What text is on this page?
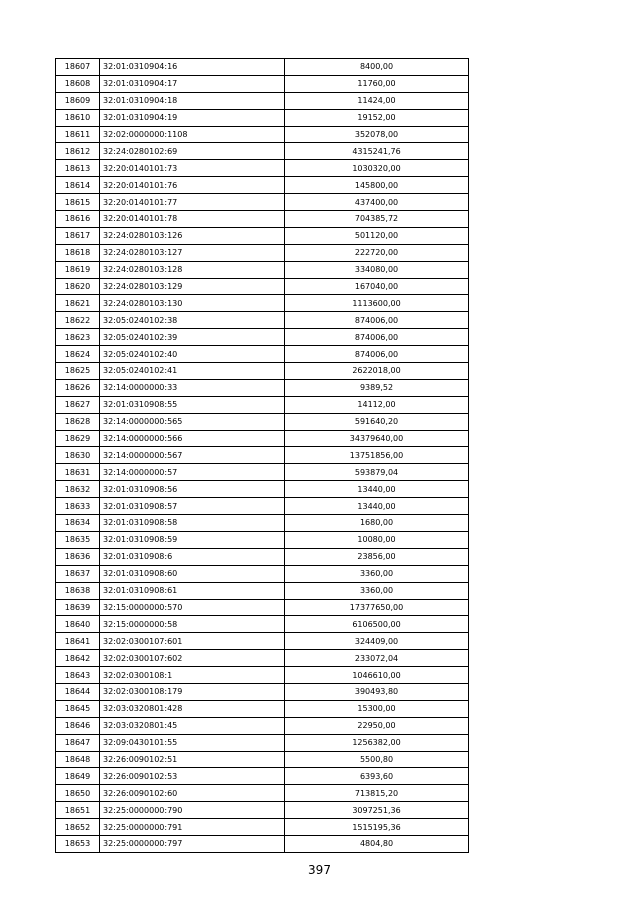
18607	32:01:0310904:16	8400,00
18608	32:01:0310904:17	11760,00
18609	32:01:0310904:18	11424,00
18610	32:01:0310904:19	19152,00
18611	32:02:0000000:1108	352078,00
18612	32:24:0280102:69	4315241,76
18613	32:20:0140101:73	1030320,00
18614	32:20:0140101:76	145800,00
18615	32:20:0140101:77	437400,00
18616	32:20:0140101:78	704385,72
18617	32:24:0280103:126	501120,00
18618	32:24:0280103:127	222720,00
18619	32:24:0280103:128	334080,00
18620	32:24:0280103:129	167040,00
18621	32:24:0280103:130	1113600,00
18622	32:05:0240102:38	874006,00
18623	32:05:0240102:39	874006,00
18624	32:05:0240102:40	874006,00
18625	32:05:0240102:41	2622018,00
18626	32:14:0000000:33	9389,52
18627	32:01:0310908:55	14112,00
18628	32:14:0000000:565	591640,20
18629	32:14:0000000:566	34379640,00
18630	32:14:0000000:567	13751856,00
18631	32:14:0000000:57	593879,04
18632	32:01:0310908:56	13440,00
18633	32:01:0310908:57	13440,00
18634	32:01:0310908:58	1680,00
18635	32:01:0310908:59	10080,00
18636	32:01:0310908:6	23856,00
18637	32:01:0310908:60	3360,00
18638	32:01:0310908:61	3360,00
18639	32:15:0000000:570	17377650,00
18640	32:15:0000000:58	6106500,00
18641	32:02:0300107:601	324409,00
18642	32:02:0300107:602	233072,04
18643	32:02:0300108:1	1046610,00
18644	32:02:0300108:179	390493,80
18645	32:03:0320801:428	15300,00
18646	32:03:0320801:45	22950,00
18647	32:09:0430101:55	1256382,00
18648	32:26:0090102:51	5500,80
18649	32:26:0090102:53	6393,60
18650	32:26:0090102:60	713815,20
18651	32:25:0000000:790	3097251,36
18652	32:25:0000000:791	1515195,36
18653	32:25:0000000:797	4804,80
397
